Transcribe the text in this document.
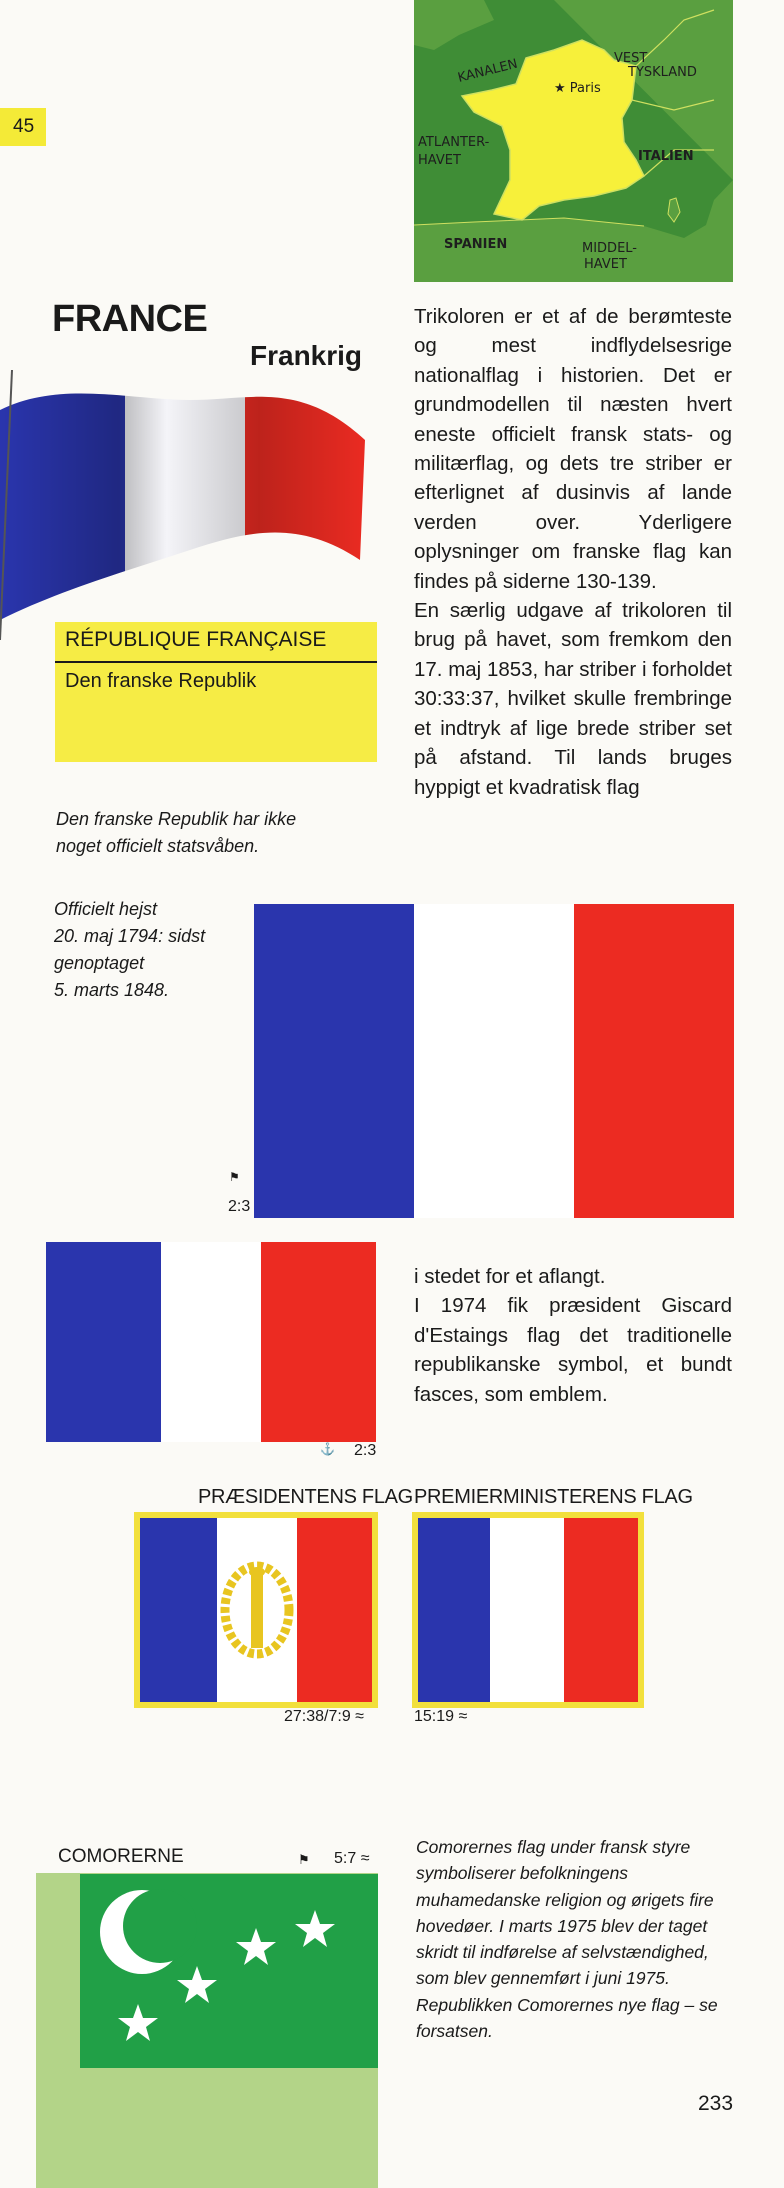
45
KANALEN
★ Paris
VEST
TYSKLAND
ATLANTER-
HAVET	ITALIEN
SPANIEN	MIDDEL-
HAVET
FRANCE
Frankrig
RÉPUBLIQUE FRANÇAISE
Den franske Republik
Den franske Republik har ikke
noget officielt statsvåben.

Trikoloren er et af de berømteste og mest indflydelsesrige nationalflag i historien. Det er grundmodellen til næsten hvert eneste officielt fransk stats- og militærflag, og dets tre striber er efterlignet af dusinvis af lande verden over. Yderligere oplysninger om franske flag kan findes på siderne 130-139.

En særlig udgave af trikoloren til brug på havet, som fremkom den 17. maj 1853, har striber i forholdet 30:33:37, hvilket skulle frembringe et indtryk af lige brede striber set på afstand. Til lands bruges hyppigt et kvadratisk flag

Officielt hejst
20. maj 1794: sidst
genoptaget
5. marts 1848.
⚑
2:3
⚓ 2:3
i stedet for et aflangt.
I 1974 fik præsident Giscard d'Estaings flag det traditionelle republikanske symbol, et bundt fasces, som emblem.
PRÆSIDENTENS FLAG
27:38/7:9 ≈
PREMIERMINISTERENS FLAG
15:19 ≈
COMORERNE	⚑ 5:7 ≈
Comorernes flag under fransk styre symboliserer befolkningens muhamedanske religion og ørigets fire hovedøer. I marts 1975 blev der taget skridt til indførelse af selvstændighed, som blev gennemført i juni 1975. Republikken Comorernes nye flag – se forsatsen.
233
